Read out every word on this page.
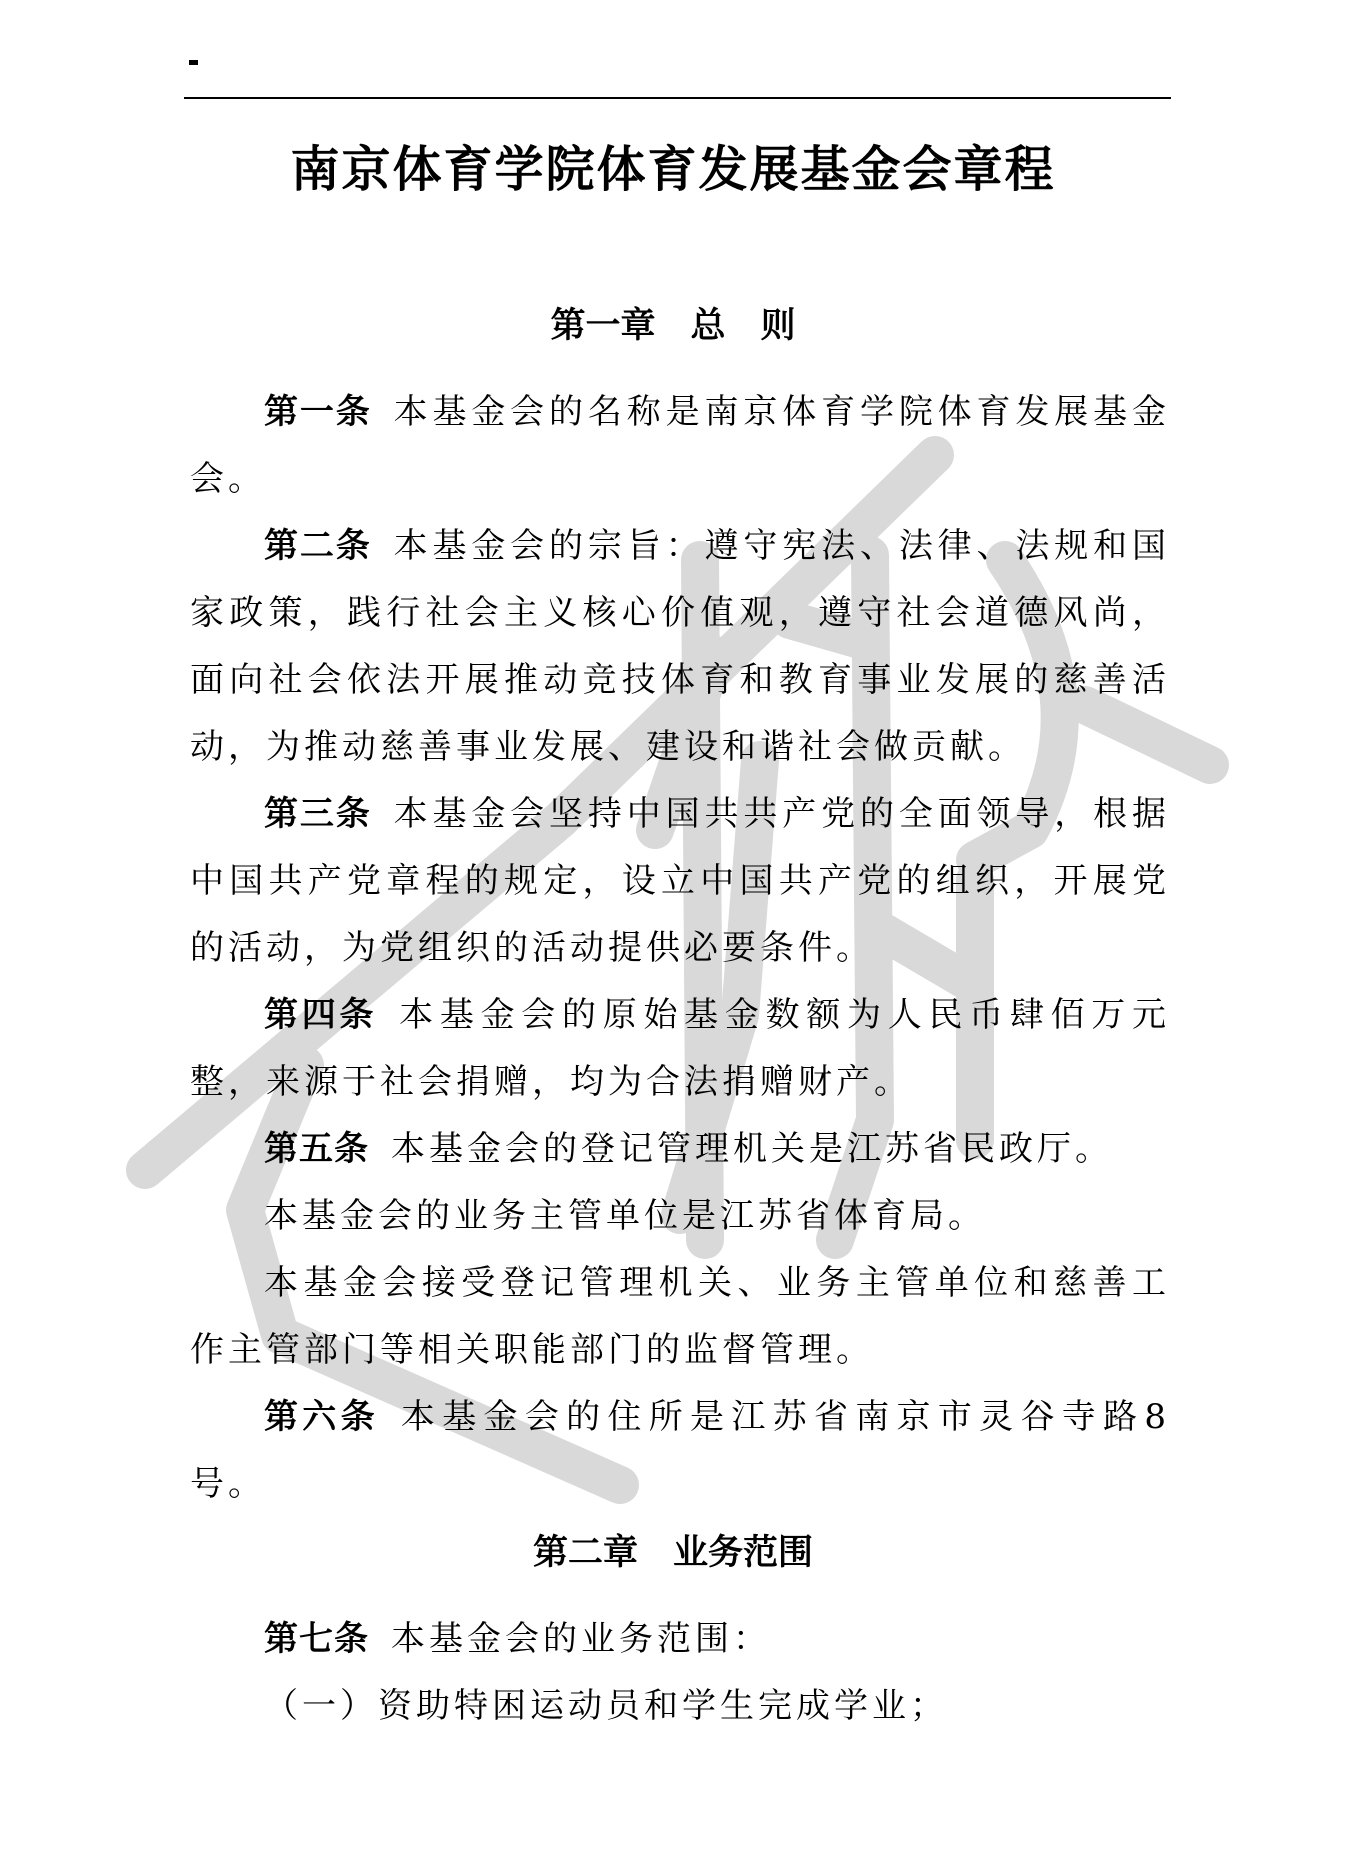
南京体育学院体育发展基金会章程
第一章　总　则

第一条 本基金会的名称是南京体育学院体育发展基金会。

第二条 本基金会的宗旨：遵守宪法、法律、法规和国家政策，践行社会主义核心价值观，遵守社会道德风尚，面向社会依法开展推动竞技体育和教育事业发展的慈善活动，为推动慈善事业发展、建设和谐社会做贡献。

第三条 本基金会坚持中国共共产党的全面领导，根据中国共产党章程的规定，设立中国共产党的组织，开展党的活动，为党组织的活动提供必要条件。

第四条 本基金会的原始基金数额为人民币肆佰万元整，来源于社会捐赠，均为合法捐赠财产。

第五条 本基金会的登记管理机关是江苏省民政厅。

本基金会的业务主管单位是江苏省体育局。

本基金会接受登记管理机关、业务主管单位和慈善工作主管部门等相关职能部门的监督管理。

第六条 本基金会的住所是江苏省南京市灵谷寺路8号。

第二章　业务范围

第七条 本基金会的业务范围：

（一）资助特困运动员和学生完成学业；
